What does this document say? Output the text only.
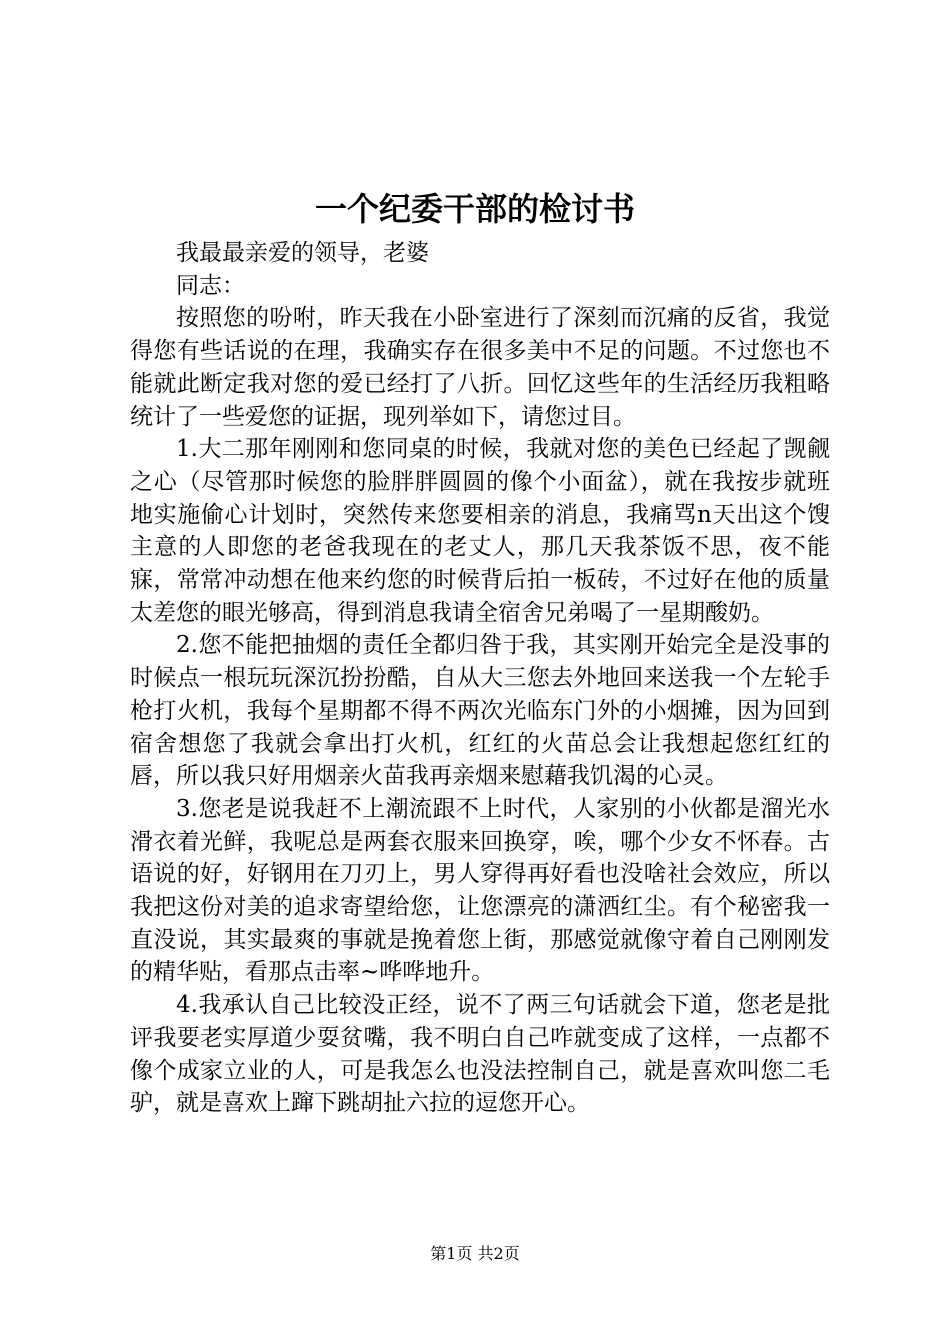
一个纪委干部的检讨书

我最最亲爱的领导，老婆

同志：

按照您的吩咐，昨天我在小卧室进行了深刻而沉痛的反省，我觉得您有些话说的在理，我确实存在很多美中不足的问题。不过您也不能就此断定我对您的爱已经打了八折。回忆这些年的生活经历我粗略统计了一些爱您的证据，现列举如下，请您过目。

1.大二那年刚刚和您同桌的时候，我就对您的美色已经起了觊觎之心（尽管那时候您的脸胖胖圆圆的像个小面盆），就在我按步就班地实施偷心计划时，突然传来您要相亲的消息，我痛骂n天出这个馊主意的人即您的老爸我现在的老丈人，那几天我茶饭不思，夜不能寐，常常冲动想在他来约您的时候背后拍一板砖，不过好在他的质量太差您的眼光够高，得到消息我请全宿舍兄弟喝了一星期酸奶。

2.您不能把抽烟的责任全都归咎于我，其实刚开始完全是没事的时候点一根玩玩深沉扮扮酷，自从大三您去外地回来送我一个左轮手枪打火机，我每个星期都不得不两次光临东门外的小烟摊，因为回到宿舍想您了我就会拿出打火机，红红的火苗总会让我想起您红红的唇，所以我只好用烟亲火苗我再亲烟来慰藉我饥渴的心灵。

3.您老是说我赶不上潮流跟不上时代，人家别的小伙都是溜光水滑衣着光鲜，我呢总是两套衣服来回换穿，唉，哪个少女不怀春。古语说的好，好钢用在刀刃上，男人穿得再好看也没啥社会效应，所以我把这份对美的追求寄望给您，让您漂亮的潇洒红尘。有个秘密我一直没说，其实最爽的事就是挽着您上街，那感觉就像守着自己刚刚发的精华贴，看那点击率~哗哗地升。

4.我承认自己比较没正经，说不了两三句话就会下道，您老是批评我要老实厚道少耍贫嘴，我不明白自己咋就变成了这样，一点都不像个成家立业的人，可是我怎么也没法控制自己，就是喜欢叫您二毛驴，就是喜欢上蹿下跳胡扯六拉的逗您开心。

第1页 共2页
